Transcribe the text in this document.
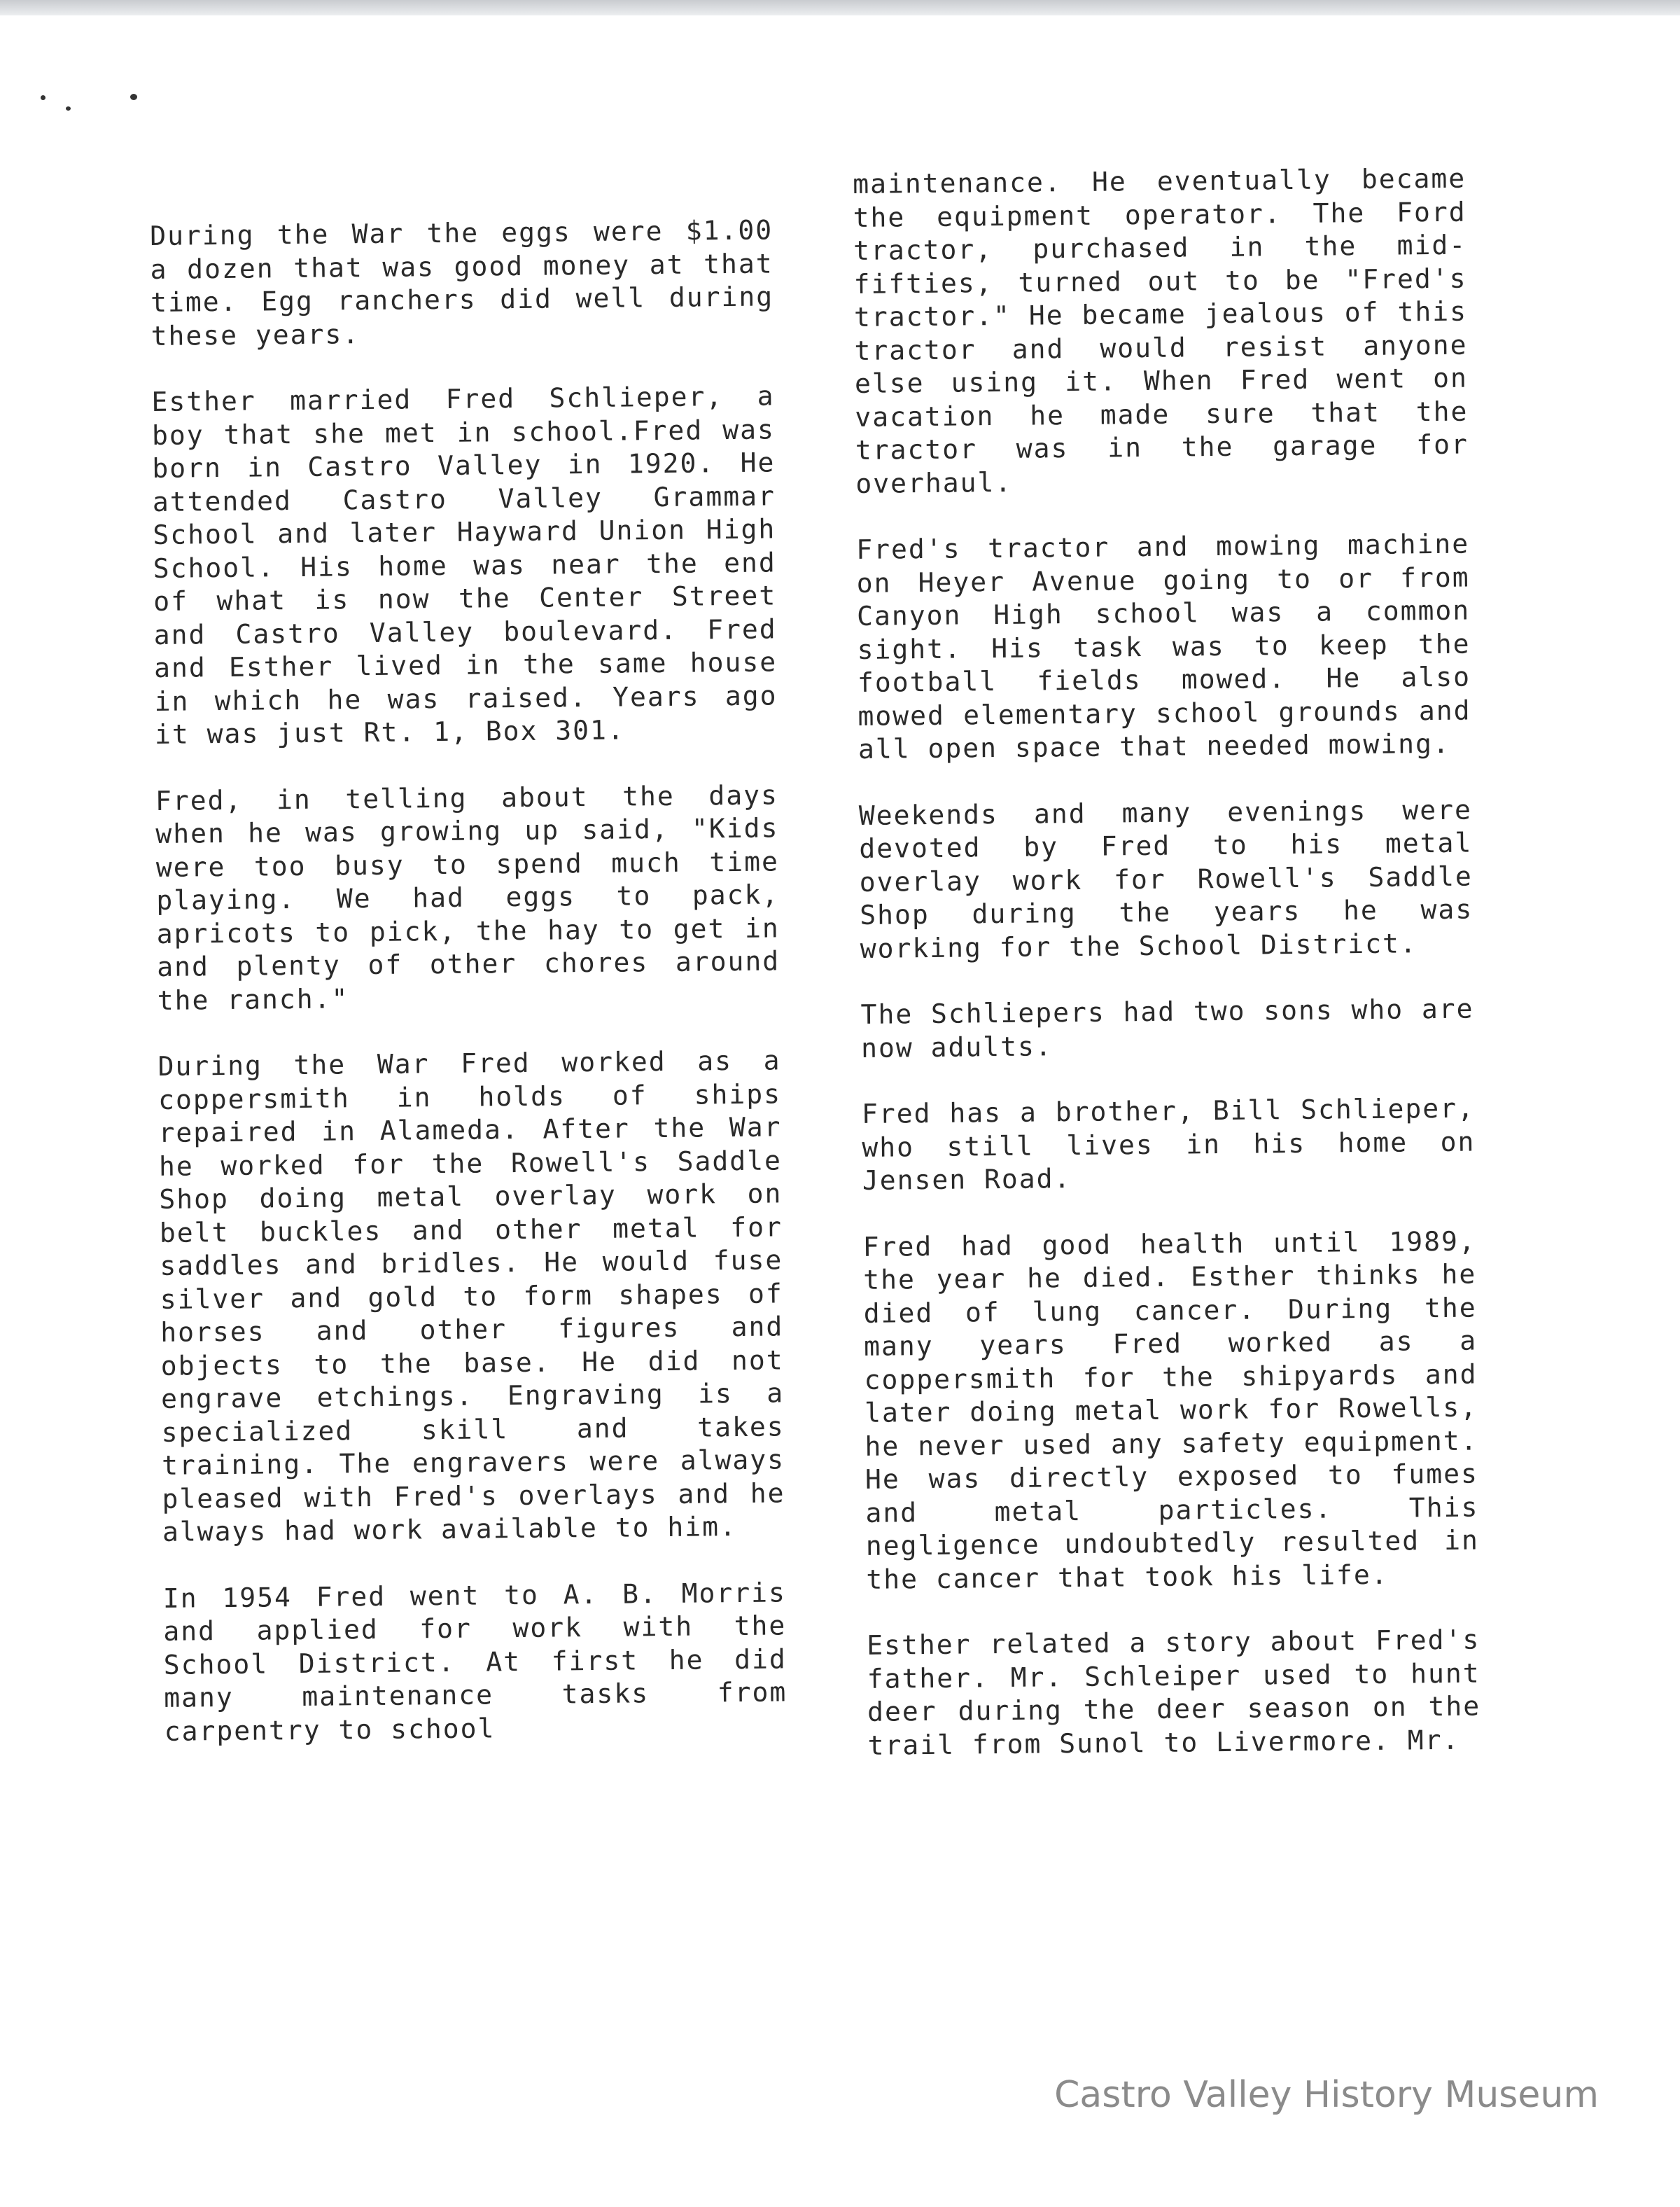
During the War the eggs were $1.00 a dozen that was good money at that time. Egg ranchers did well during these years.

Esther married Fred Schlieper, a boy that she met in school.Fred was born in Castro Valley in 1920. He attended Castro Valley Grammar School and later Hayward Union High School. His home was near the end of what is now the Center Street and Castro Valley boulevard. Fred and Esther lived in the same house in which he was raised. Years ago it was just Rt. 1, Box 301.

Fred, in telling about the days when he was growing up said, "Kids were too busy to spend much time playing. We had eggs to pack, apricots to pick, the hay to get in and plenty of other chores around the ranch."

During the War Fred worked as a coppersmith in holds of ships repaired in Alameda. After the War he worked for the Rowell's Saddle Shop doing metal overlay work on belt buckles and other metal for saddles and bridles. He would fuse silver and gold to form shapes of horses and other figures and objects to the base. He did not engrave etchings. Engraving is a specialized skill and takes training. The engravers were always pleased with Fred's overlays and he always had work available to him.

In 1954 Fred went to A. B. Morris and applied for work with the School District. At first he did many maintenance tasks from carpentry to school

maintenance. He eventually became the equipment operator. The Ford tractor, purchased in the mid-fifties, turned out to be "Fred's tractor." He became jealous of this tractor and would resist anyone else using it. When Fred went on vacation he made sure that the tractor was in the garage for overhaul.

Fred's tractor and mowing machine on Heyer Avenue going to or from Canyon High school was a common sight. His task was to keep the football fields mowed. He also mowed elementary school grounds and all open space that needed mowing.

Weekends and many evenings were devoted by Fred to his metal overlay work for Rowell's Saddle Shop during the years he was working for the School District.

The Schliepers had two sons who are now adults.

Fred has a brother, Bill Schlieper, who still lives in his home on Jensen Road.

Fred had good health until 1989, the year he died. Esther thinks he died of lung cancer. During the many years Fred worked as a coppersmith for the shipyards and later doing metal work for Rowells, he never used any safety equipment. He was directly exposed to fumes and metal particles. This negligence undoubtedly resulted in the cancer that took his life.

Esther related a story about Fred's father. Mr. Schleiper used to hunt deer during the deer season on the trail from Sunol to Livermore. Mr.

Castro Valley History Museum
